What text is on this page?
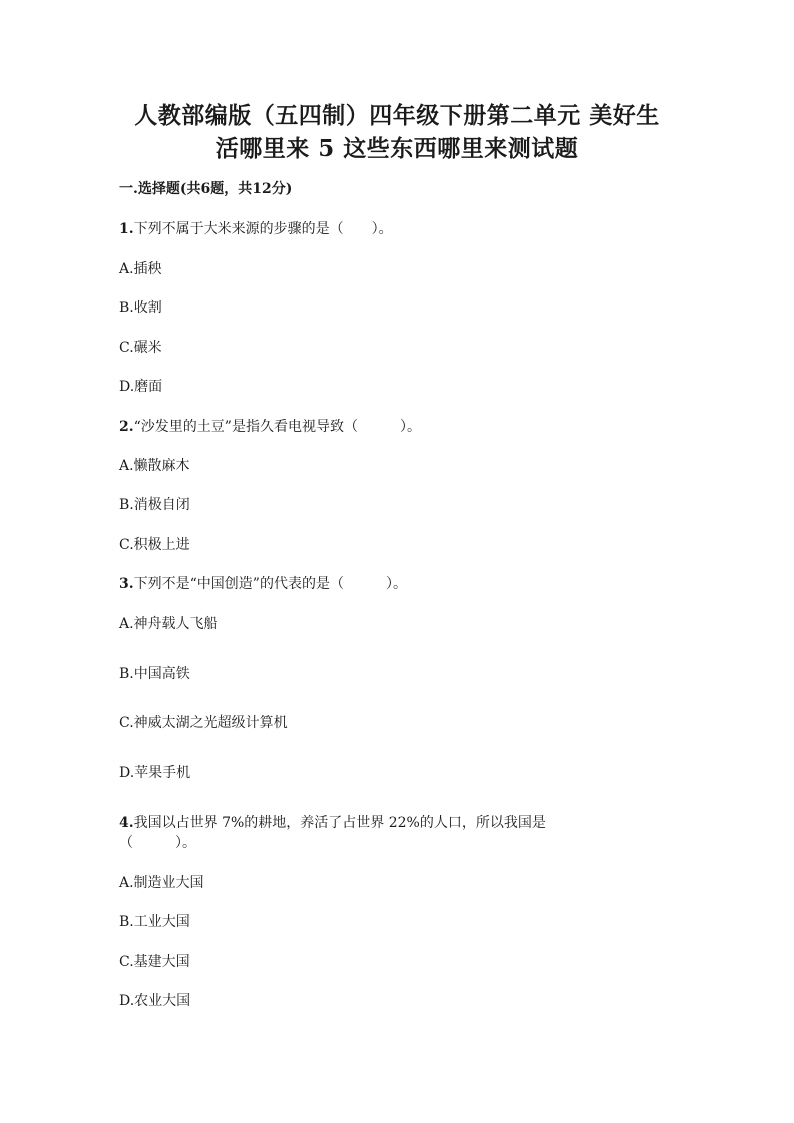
人教部编版（五四制）四年级下册第二单元 美好生
活哪里来 5 这些东西哪里来测试题
一.选择题(共6题，共12分)
1.下列不属于大米来源的步骤的是（　　）。
A.插秧
B.收割
C.碾米
D.磨面
2.“沙发里的土豆”是指久看电视导致（　　　）。
A.懒散麻木
B.消极自闭
C.积极上进
3.下列不是“中国创造”的代表的是（　　　）。
A.神舟载人飞船
B.中国高铁
C.神威太湖之光超级计算机
D.苹果手机
4.我国以占世界 7%的耕地，养活了占世界 22%的人口，所以我国是
（　　　）。
A.制造业大国
B.工业大国
C.基建大国
D.农业大国
